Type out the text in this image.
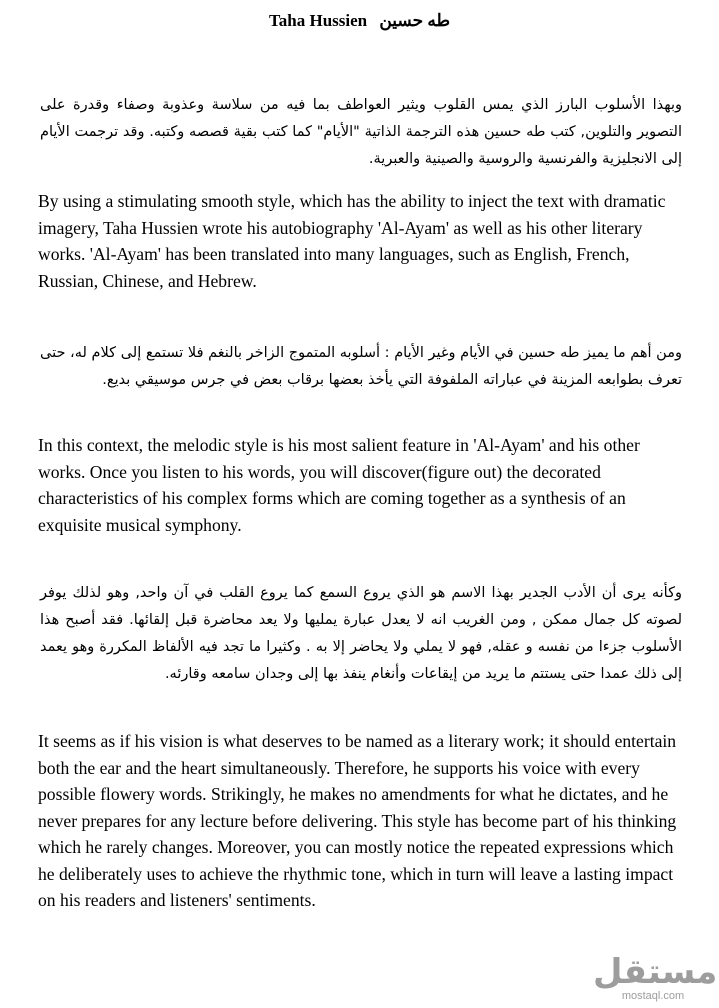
Taha Hussien طه حسين

وبهذا الأسلوب البارز الذي يمس القلوب ويثير العواطف بما فيه من سلاسة وعذوبة وصفاء وقدرة على التصوير والتلوين, كتب طه حسين هذه الترجمة الذاتية "الأيام" كما كتب بقية قصصه وكتبه. وقد ترجمت الأيام إلى الانجليزية والفرنسية والروسية والصينية والعبرية.

By using a stimulating smooth style, which has the ability to inject the text with dramatic imagery, Taha Hussien wrote his autobiography 'Al-Ayam' as well as his other literary works. 'Al-Ayam' has been translated into many languages, such as English, French, Russian, Chinese, and Hebrew.

ومن أهم ما يميز طه حسين في الأيام وغير الأيام : أسلوبه المتموج الزاخر بالنغم فلا تستمع إلى كلام له، حتى تعرف بطوابعه المزينة في عباراته الملفوفة التي يأخذ بعضها برقاب بعض في جرس موسيقي بديع.

In this context, the melodic style is his most salient feature in 'Al-Ayam' and his other works. Once you listen to his words, you will discover(figure out) the decorated characteristics of his complex forms which are coming together as a synthesis of an exquisite musical symphony.

وكأنه يرى أن الأدب الجدير بهذا الاسم هو الذي يروع السمع كما يروع القلب في آن واحد, وهو لذلك يوفر لصوته كل جمال ممكن , ومن الغريب انه لا يعدل عبارة يمليها ولا يعد محاضرة قبل إلقائها. فقد أصبح هذا الأسلوب جزءا من نفسه و عقله, فهو لا يملي ولا يحاضر إلا به . وكثيرا ما تجد فيه الألفاظ المكررة وهو يعمد إلى ذلك عمدا حتى يستتم ما يريد من إيقاعات وأنغام ينفذ بها إلى وجدان سامعه وقارئه.

It seems as if his vision is what deserves to be named as a literary work; it should entertain both the ear and the heart simultaneously. Therefore, he supports his voice with every possible flowery words. Strikingly, he makes no amendments for what he dictates, and he never prepares for any lecture before delivering. This style has become part of his thinking which he rarely changes. Moreover, you can mostly notice the repeated expressions which he deliberately uses to achieve the rhythmic tone, which in turn will leave a lasting impact on his readers and listeners' sentiments.

مستقل
mostaql.com
